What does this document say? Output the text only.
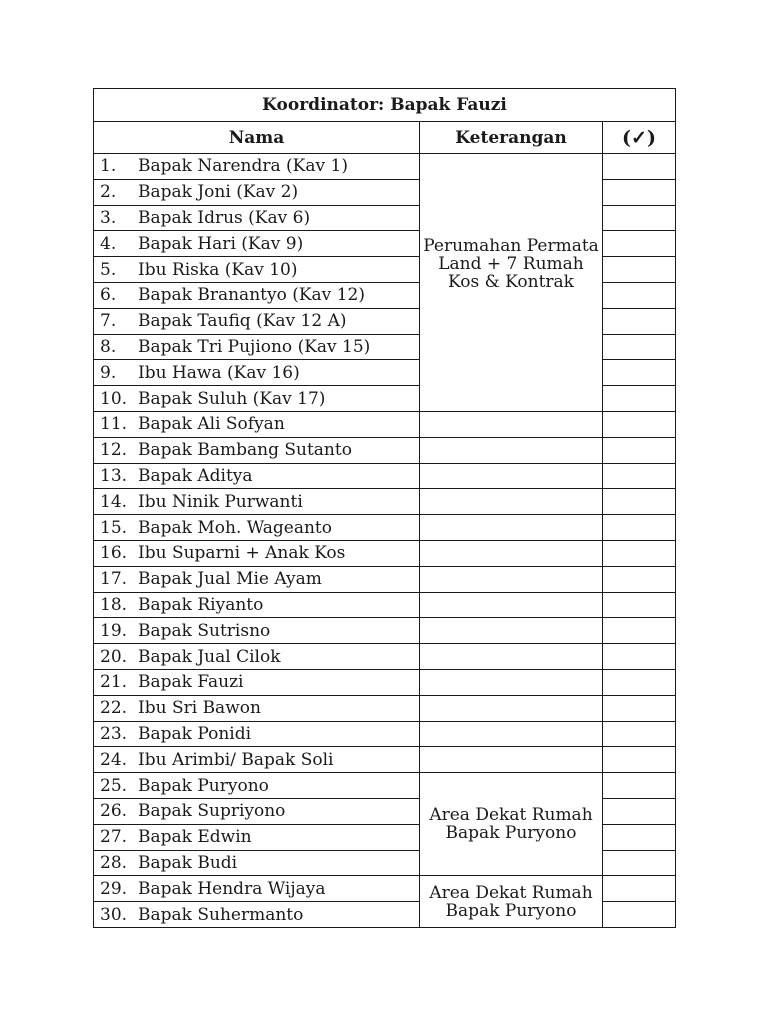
Koordinator: Bapak Fauzi		
Nama	Keterangan	(✓)
1. Bapak Narendra (Kav 1)	Perumahan Permata Land + 7 Rumah Kos & Kontrak	
2. Bapak Joni (Kav 2)		
3. Bapak Idrus (Kav 6)		
4. Bapak Hari (Kav 9)		
5. Ibu Riska (Kav 10)		
6. Bapak Branantyo (Kav 12)		
7. Bapak Taufiq (Kav 12 A)		
8. Bapak Tri Pujiono (Kav 15)		
9. Ibu Hawa (Kav 16)		
10. Bapak Suluh (Kav 17)		
11. Bapak Ali Sofyan		
12. Bapak Bambang Sutanto		
13. Bapak Aditya		
14. Ibu Ninik Purwanti		
15. Bapak Moh. Wageanto		
16. Ibu Suparni + Anak Kos		
17. Bapak Jual Mie Ayam		
18. Bapak Riyanto		
19. Bapak Sutrisno		
20. Bapak Jual Cilok		
21. Bapak Fauzi		
22. Ibu Sri Bawon		
23. Bapak Ponidi		
24. Ibu Arimbi/ Bapak Soli		
25. Bapak Puryono	Area Dekat Rumah Bapak Puryono	
26. Bapak Supriyono		
27. Bapak Edwin		
28. Bapak Budi		
29. Bapak Hendra Wijaya	Area Dekat Rumah Bapak Puryono	
30. Bapak Suhermanto		
